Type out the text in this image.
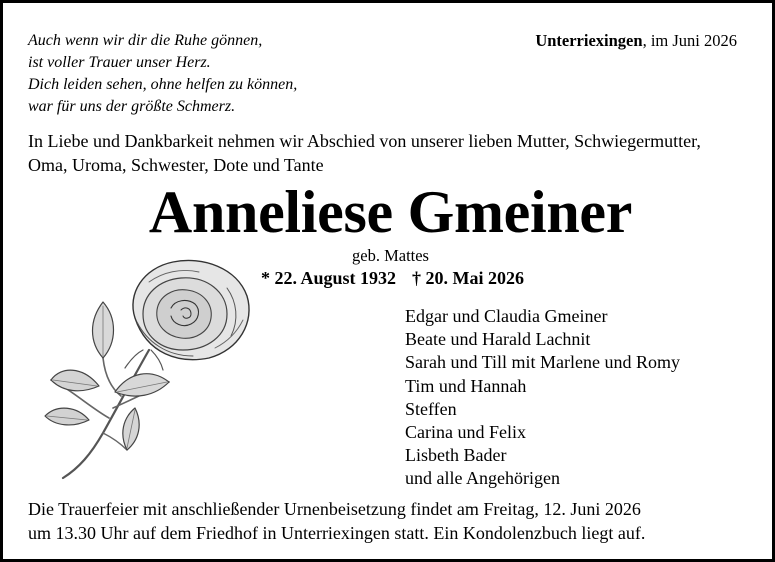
Auch wenn wir dir die Ruhe gönnen,
ist voller Trauer unser Herz.
Dich leiden sehen, ohne helfen zu können,
war für uns der größte Schmerz.
Unterriexingen, im Juni 2026
In Liebe und Dankbarkeit nehmen wir Abschied von unserer lieben Mutter, Schwiegermutter,
Oma, Uroma, Schwester, Dote und Tante
Anneliese Gmeiner
geb. Mattes
* 22. August 1932 † 20. Mai 2026
Edgar und Claudia Gmeiner
Beate und Harald Lachnit
Sarah und Till mit Marlene und Romy
Tim und Hannah
Steffen
Carina und Felix
Lisbeth Bader
und alle Angehörigen
Die Trauerfeier mit anschließender Urnenbeisetzung findet am Freitag, 12. Juni 2026
um 13.30 Uhr auf dem Friedhof in Unterriexingen statt. Ein Kondolenzbuch liegt auf.
